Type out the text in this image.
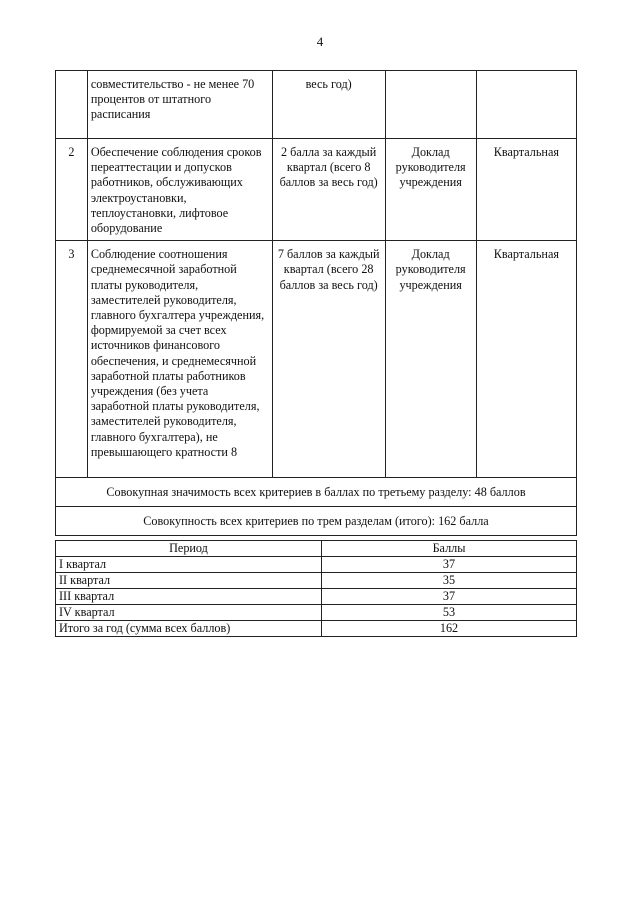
4
	совместительство - не менее 70 процентов от штатного расписания	весь год)		
2	Обеспечение соблюдения сроков переаттестации и допусков работников, обслуживающих электроустановки, теплоустановки, лифтовое оборудование	2 балла за каждый квартал (всего 8 баллов за весь год)	Доклад руководителя учреждения	Квартальная
3	Соблюдение соотношения среднемесячной заработной платы руководителя, заместителей руководителя, главного бухгалтера учреждения, формируемой за счет всех источников финансового обеспечения, и среднемесячной заработной платы работников учреждения (без учета заработной платы руководителя, заместителей руководителя, главного бухгалтера), не превышающего кратности 8	7 баллов за каждый квартал (всего 28 баллов за весь год)	Доклад руководителя учреждения	Квартальная
Совокупная значимость всех критериев в баллах по третьему разделу: 48 баллов				
Совокупность всех критериев по трем разделам (итого): 162 балла				
Период	Баллы
I квартал	37
II квартал	35
III квартал	37
IV квартал	53
Итого за год (сумма всех баллов)	162
